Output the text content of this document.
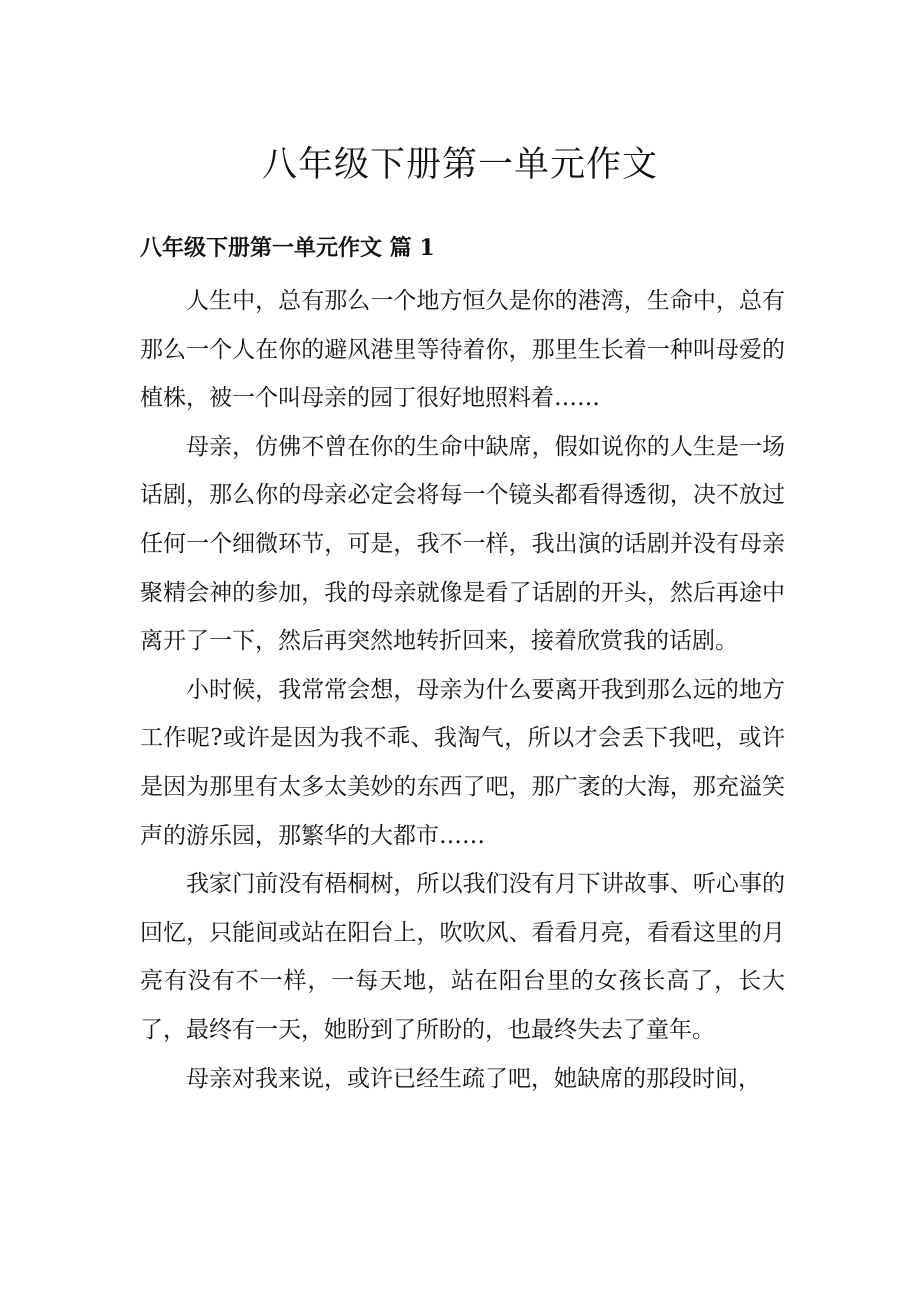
八年级下册第一单元作文
八年级下册第一单元作文 篇 1

人生中，总有那么一个地方恒久是你的港湾，生命中，总有那么一个人在你的避风港里等待着你，那里生长着一种叫母爱的植株，被一个叫母亲的园丁很好地照料着……

母亲，仿佛不曾在你的生命中缺席，假如说你的人生是一场话剧，那么你的母亲必定会将每一个镜头都看得透彻，决不放过任何一个细微环节，可是，我不一样，我出演的话剧并没有母亲聚精会神的参加，我的母亲就像是看了话剧的开头，然后再途中离开了一下，然后再突然地转折回来，接着欣赏我的话剧。

小时候，我常常会想，母亲为什么要离开我到那么远的地方工作呢?或许是因为我不乖、我淘气，所以才会丢下我吧，或许是因为那里有太多太美妙的东西了吧，那广袤的大海，那充溢笑声的游乐园，那繁华的大都市……

我家门前没有梧桐树，所以我们没有月下讲故事、听心事的回忆，只能间或站在阳台上，吹吹风、看看月亮，看看这里的月亮有没有不一样，一每天地，站在阳台里的女孩长高了，长大了，最终有一天，她盼到了所盼的，也最终失去了童年。

母亲对我来说，或许已经生疏了吧，她缺席的那段时间，
